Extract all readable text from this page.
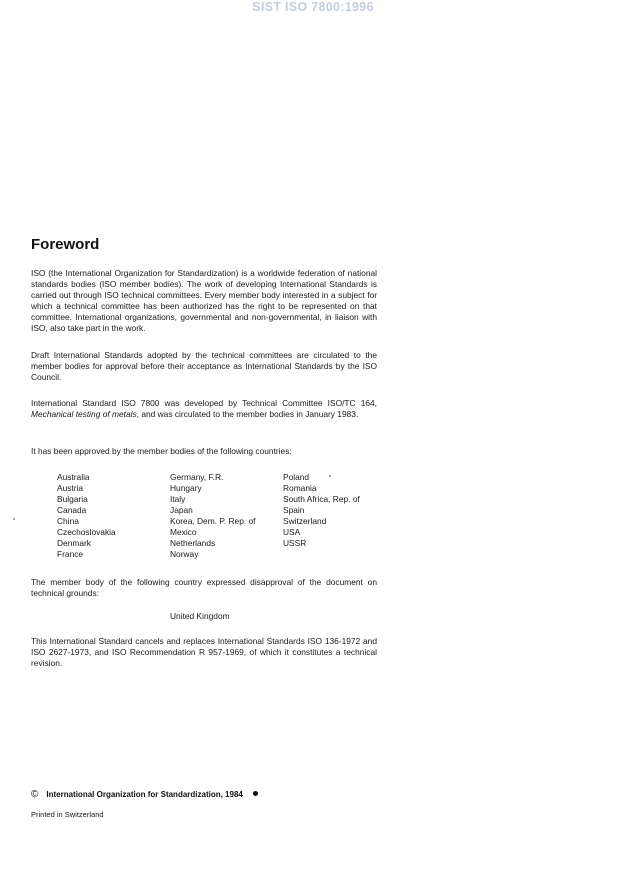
SIST ISO 7800:1996
Foreword

ISO (the International Organization for Standardization) is a worldwide federation of national standards bodies (ISO member bodies). The work of developing International Standards is carried out through ISO technical committees. Every member body interested in a subject for which a technical committee has been authorized has the right to be represented on that committee. International organizations, governmental and non-governmental, in liaison with ISO, also take part in the work.

Draft International Standards adopted by the technical committees are circulated to the member bodies for approval before their acceptance as International Standards by the ISO Council.

International Standard ISO 7800 was developed by Technical Committee ISO/TC 164, Mechanical testing of metals, and was circulated to the member bodies in January 1983.

It has been approved by the member bodies of the following countries:

Australia
Austria
Bulgaria
Canada
China
Czechoslovakia
Denmark
France
Germany, F.R.
Hungary
Italy
Japan
Korea, Dem. P. Rep. of
Mexico
Netherlands
Norway
Poland
Romania
South Africa, Rep. of
Spain
Switzerland
USA
USSR

The member body of the following country expressed disapproval of the document on technical grounds:

United Kingdom

This International Standard cancels and replaces International Standards ISO 136-1972 and ISO 2627-1973, and ISO Recommendation R 957-1969, of which it constitutes a technical revision.

© International Organization for Standardization, 1984
Printed in Switzerland
